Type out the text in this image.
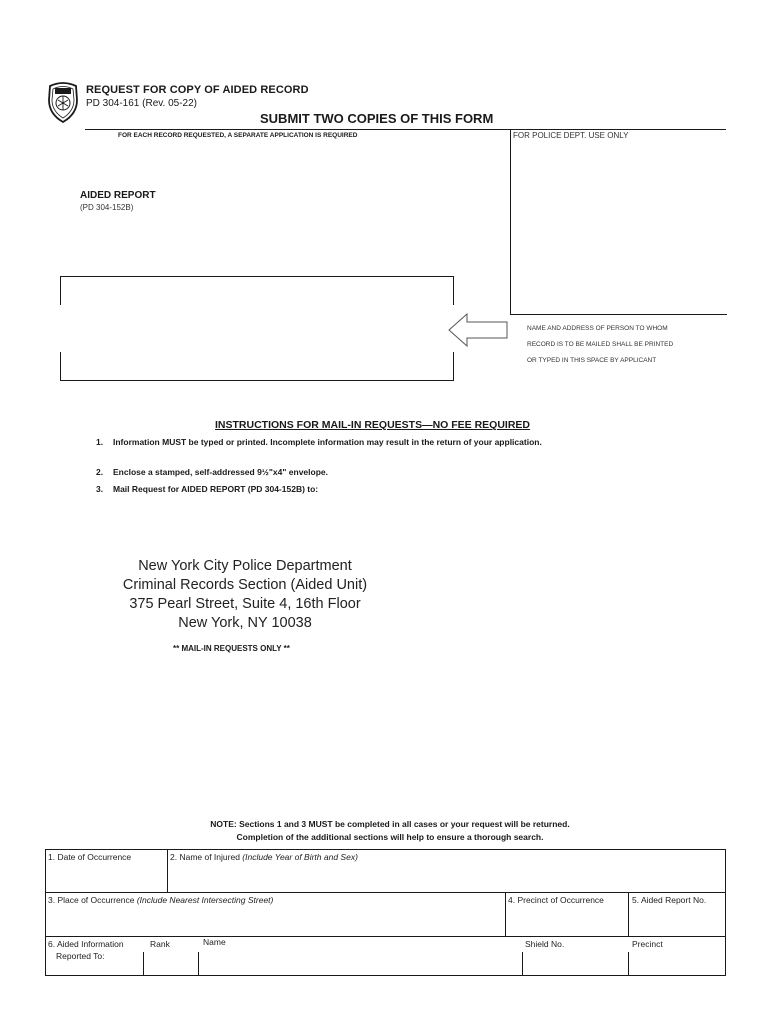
REQUEST FOR COPY OF AIDED RECORD
PD 304-161 (Rev. 05-22)
SUBMIT TWO COPIES OF THIS FORM
FOR EACH RECORD REQUESTED, A SEPARATE APPLICATION IS REQUIRED	FOR POLICE DEPT. USE ONLY
AIDED REPORT
(PD 304-152B)
NAME AND ADDRESS OF PERSON TO WHOM
RECORD IS TO BE MAILED SHALL BE PRINTED
OR TYPED IN THIS SPACE BY APPLICANT
INSTRUCTIONS FOR MAIL-IN REQUESTS—NO FEE REQUIRED
1. Information MUST be typed or printed. Incomplete information may result in the return of your application.
2. Enclose a stamped, self-addressed 9½"x4" envelope.
3. Mail Request for AIDED REPORT (PD 304-152B) to:
New York City Police Department
Criminal Records Section (Aided Unit)
375 Pearl Street, Suite 4, 16th Floor
New York, NY 10038
** MAIL-IN REQUESTS ONLY **
NOTE: Sections 1 and 3 MUST be completed in all cases or your request will be returned.
Completion of the additional sections will help to ensure a thorough search.
1. Date of Occurrence	2. Name of Injured (Include Year of Birth and Sex)
3. Place of Occurrence (Include Nearest Intersecting Street)	4. Precinct of Occurrence	5. Aided Report No.
6. Aided Information
Reported To:
Rank	Name	Shield No.	Precinct
